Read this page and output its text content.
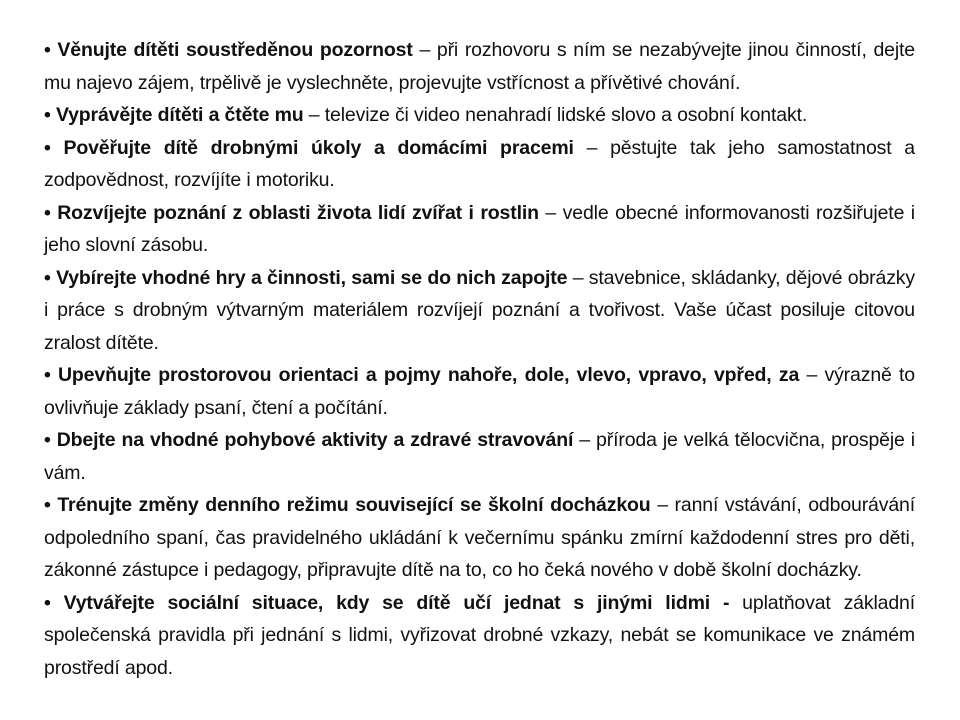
• Věnujte dítěti soustředěnou pozornost – při rozhovoru s ním se nezabývejte jinou činností, dejte mu najevo zájem, trpělivě je vyslechněte, projevujte vstřícnost a přívětivé chování.

• Vyprávějte dítěti a čtěte mu – televize či video nenahradí lidské slovo a osobní kontakt.

• Pověřujte dítě drobnými úkoly a domácími pracemi – pěstujte tak jeho samostatnost a zodpovědnost, rozvíjíte i motoriku.

• Rozvíjejte poznání z oblasti života lidí zvířat i rostlin – vedle obecné informovanosti rozšiřujete i jeho slovní zásobu.

• Vybírejte vhodné hry a činnosti, sami se do nich zapojte – stavebnice, skládanky, dějové obrázky i práce s drobným výtvarným materiálem rozvíjejí poznání a tvořivost. Vaše účast posiluje citovou zralost dítěte.

• Upevňujte prostorovou orientaci a pojmy nahoře, dole, vlevo, vpravo, vpřed, za – výrazně to ovlivňuje základy psaní, čtení a počítání.

• Dbejte na vhodné pohybové aktivity a zdravé stravování – příroda je velká tělocvična, prospěje i vám.

• Trénujte změny denního režimu související se školní docházkou – ranní vstávání, odbourávání odpoledního spaní, čas pravidelného ukládání k večernímu spánku zmírní každodenní stres pro děti, zákonné zástupce i pedagogy, připravujte dítě na to, co ho čeká nového v době školní docházky.

• Vytvářejte sociální situace, kdy se dítě učí jednat s jinými lidmi - uplatňovat základní společenská pravidla při jednání s lidmi, vyřizovat drobné vzkazy, nebát se komunikace ve známém prostředí apod.
